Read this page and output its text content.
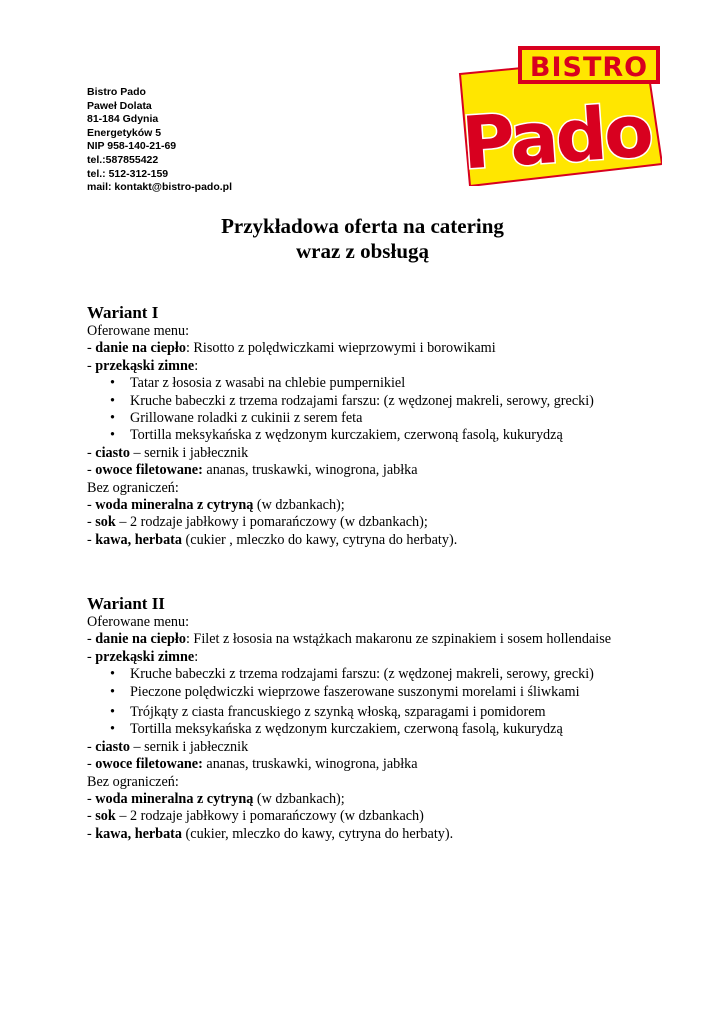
Bistro Pado
Paweł Dolata
81-184 Gdynia
Energetyków 5
NIP 958-140-21-69
tel.:587855422
tel.: 512-312-159
mail: kontakt@bistro-pado.pl
BISTRO
Pado
Przykładowa oferta na catering
wraz z obsługą
Wariant I
Oferowane menu:
- danie na ciepło: Risotto z polędwiczkami wieprzowymi i borowikami
- przekąski zimne:
• Tatar z łososia z wasabi na chlebie pumpernikiel
• Kruche babeczki z trzema rodzajami farszu: (z wędzonej makreli, serowy, grecki)
• Grillowane roladki z cukinii z serem feta
• Tortilla meksykańska z wędzonym kurczakiem, czerwoną fasolą, kukurydzą
- ciasto – sernik i jabłecznik
- owoce filetowane: ananas, truskawki, winogrona, jabłka
Bez ograniczeń:
- woda mineralna z cytryną (w dzbankach);
- sok – 2 rodzaje jabłkowy i pomarańczowy (w dzbankach);
- kawa, herbata (cukier , mleczko do kawy, cytryna do herbaty).
Wariant II
Oferowane menu:
- danie na ciepło: Filet z łososia na wstążkach makaronu ze szpinakiem i sosem hollendaise
- przekąski zimne:
• Kruche babeczki z trzema rodzajami farszu: (z wędzonej makreli, serowy, grecki)
• Pieczone polędwiczki wieprzowe faszerowane suszonymi morelami i śliwkami
• Trójkąty z ciasta francuskiego z szynką włoską, szparagami i pomidorem
• Tortilla meksykańska z wędzonym kurczakiem, czerwoną fasolą, kukurydzą
- ciasto – sernik i jabłecznik
- owoce filetowane: ananas, truskawki, winogrona, jabłka
Bez ograniczeń:
- woda mineralna z cytryną (w dzbankach);
- sok – 2 rodzaje jabłkowy i pomarańczowy (w dzbankach)
- kawa, herbata (cukier, mleczko do kawy, cytryna do herbaty).
